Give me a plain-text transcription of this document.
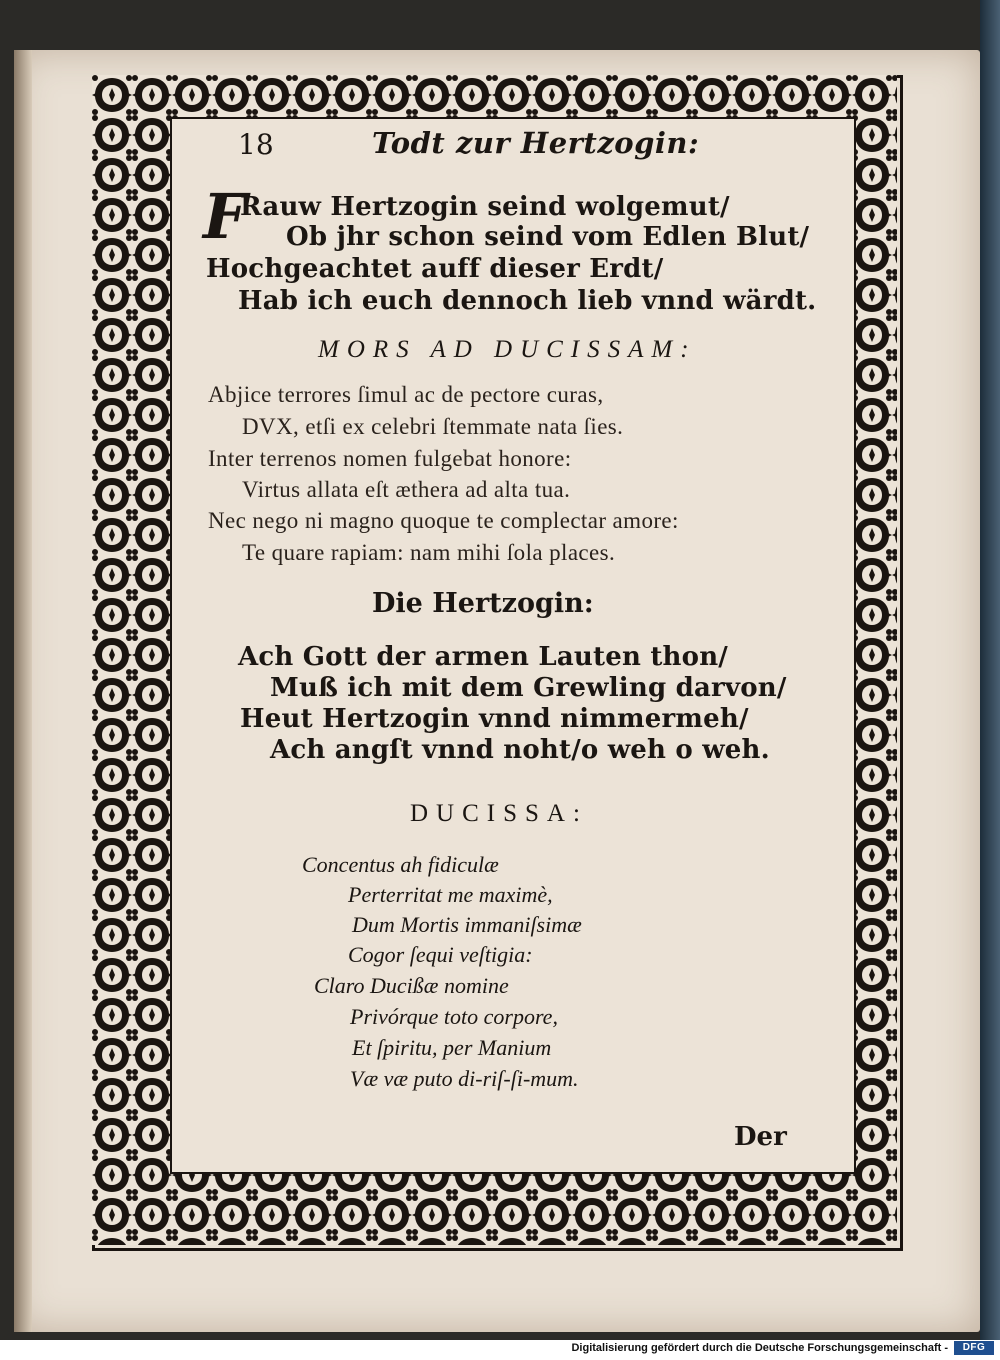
18	Todt zur Hertzogin:
F
Rauw Hertzogin seind wolgemut/
Ob jhr schon seind vom Edlen Blut/
Hochgeachtet auff dieser Erdt/
Hab ich euch dennoch lieb vnnd wärdt.
MORS AD DUCISSAM:
Abjice terrores ſimul ac de pectore curas,
DVX, etſi ex celebri ſtemmate nata ſies.
Inter terrenos nomen fulgebat honore:
Virtus allata eſt æthera ad alta tua.
Nec nego ni magno quoque te complectar amore:
Te quare rapiam: nam mihi ſola places.
Die Hertzogin:
Ach Gott der armen Lauten thon/
Muß ich mit dem Grewling darvon/
Heut Hertzogin vnnd nimmermeh/
Ach angſt vnnd noht/o weh o weh.
DUCISSA:
Concentus ah fidiculæ
Perterritat me maximè,
Dum Mortis immaniſsimæ
Cogor ſequi veſtigia:
Claro Ducißæ nomine
Privórque toto corpore,
Et ſpiritu, per Manium
Væ væ puto di-riſ-ſi-mum.
Der
Digitalisierung gefördert durch die Deutsche Forschungsgemeinschaft -	DFG
